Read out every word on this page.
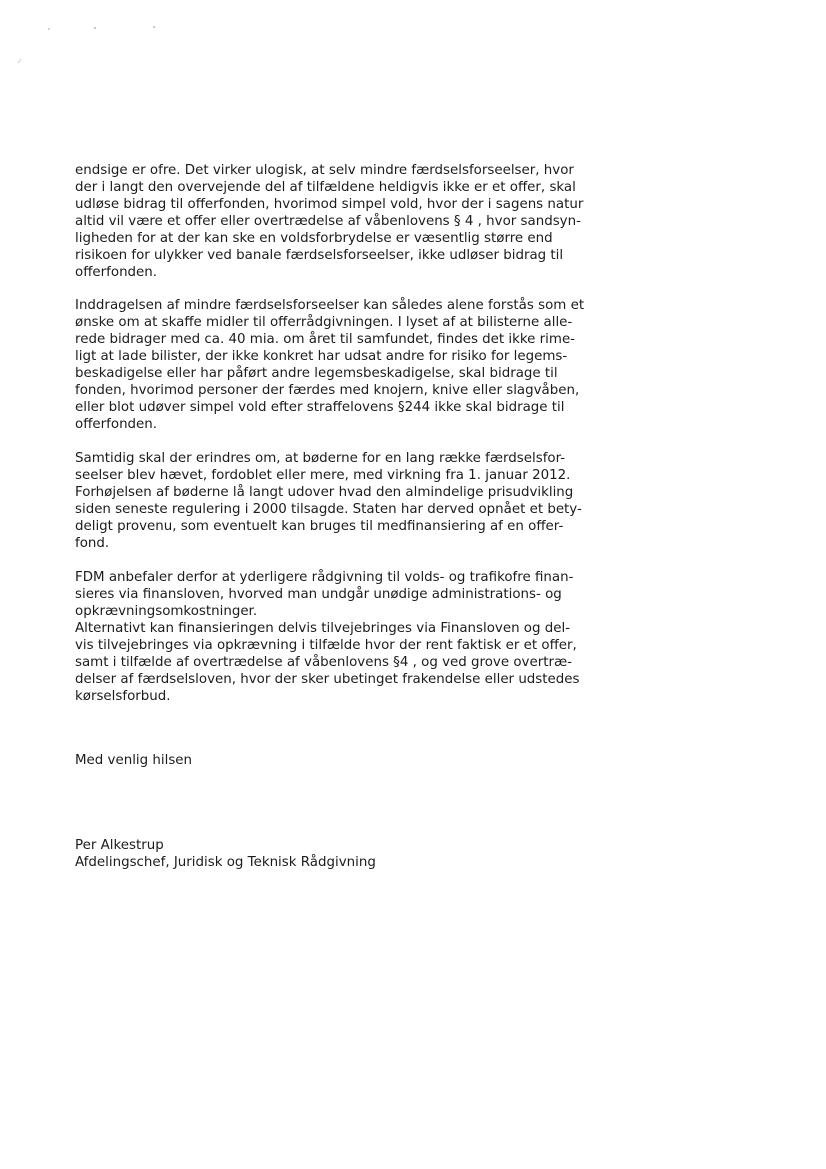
endsige er ofre. Det virker ulogisk, at selv mindre færdselsforseelser, hvor
der i langt den overvejende del af tilfældene heldigvis ikke er et offer, skal
udløse bidrag til offerfonden, hvorimod simpel vold, hvor der i sagens natur
altid vil være et offer eller overtrædelse af våbenlovens § 4 , hvor sandsyn-
ligheden for at der kan ske en voldsforbrydelse er væsentlig større end
risikoen for ulykker ved banale færdselsforseelser, ikke udløser bidrag til
offerfonden.
Inddragelsen af mindre færdselsforseelser kan således alene forstås som et
ønske om at skaffe midler til offerrådgivningen. I lyset af at bilisterne alle-
rede bidrager med ca. 40 mia. om året til samfundet, findes det ikke rime-
ligt at lade bilister, der ikke konkret har udsat andre for risiko for legems-
beskadigelse eller har påført andre legemsbeskadigelse, skal bidrage til
fonden, hvorimod personer der færdes med knojern, knive eller slagvåben,
eller blot udøver simpel vold efter straffelovens §244 ikke skal bidrage til
offerfonden.
Samtidig skal der erindres om, at bøderne for en lang række færdselsfor-
seelser blev hævet, fordoblet eller mere, med virkning fra 1. januar 2012.
Forhøjelsen af bøderne lå langt udover hvad den almindelige prisudvikling
siden seneste regulering i 2000 tilsagde. Staten har derved opnået et bety-
deligt provenu, som eventuelt kan bruges til medfinansiering af en offer-
fond.
FDM anbefaler derfor at yderligere rådgivning til volds- og trafikofre finan-
sieres via finansloven, hvorved man undgår unødige administrations- og
opkrævningsomkostninger.
Alternativt kan finansieringen delvis tilvejebringes via Finansloven og del-
vis tilvejebringes via opkrævning i tilfælde hvor der rent faktisk er et offer,
samt i tilfælde af overtrædelse af våbenlovens §4 , og ved grove overtræ-
delser af færdselsloven, hvor der sker ubetinget frakendelse eller udstedes
kørselsforbud.
Med venlig hilsen
Per Alkestrup
Afdelingschef, Juridisk og Teknisk Rådgivning
